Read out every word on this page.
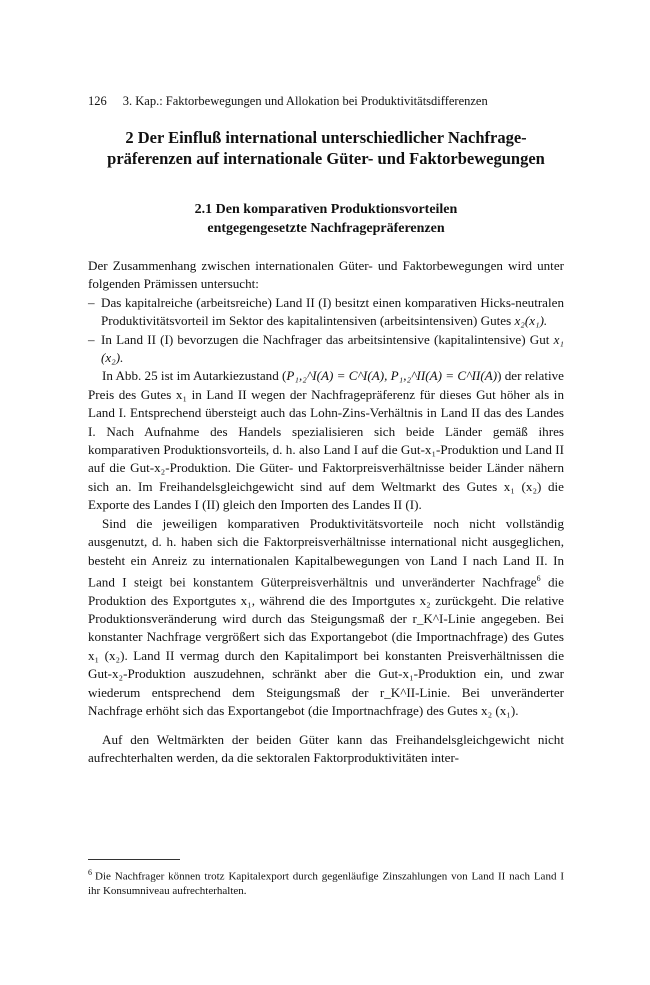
126 3. Kap.: Faktorbewegungen und Allokation bei Produktivitätsdifferenzen
2 Der Einfluß international unterschiedlicher Nachfrage-
präferenzen auf internationale Güter- und Faktorbewegungen
2.1 Den komparativen Produktionsvorteilen
entgegengesetzte Nachfragepräferenzen

Der Zusammenhang zwischen internationalen Güter- und Faktorbewegungen wird unter folgenden Prämissen untersucht:

– Das kapitalreiche (arbeitsreiche) Land II (I) besitzt einen komparativen Hicks-neutralen Produktivitätsvorteil im Sektor des kapitalintensiven (arbeitsintensiven) Gutes x₂(x₁).
– In Land II (I) bevorzugen die Nachfrager das arbeitsintensive (kapitalintensive) Gut x₁ (x₂).

In Abb. 25 ist im Autarkiezustand (P₁,₂^I(A) = C^I(A), P₁,₂^II(A) = C^II(A)) der relative Preis des Gutes x₁ in Land II wegen der Nachfragepräferenz für dieses Gut höher als in Land I. Entsprechend übersteigt auch das Lohn-Zins-Verhältnis in Land II das des Landes I. Nach Aufnahme des Handels spezialisieren sich beide Länder gemäß ihres komparativen Produktionsvorteils, d. h. also Land I auf die Gut-x₁-Produktion und Land II auf die Gut-x₂-Produktion. Die Güter- und Faktorpreisverhältnisse beider Länder nähern sich an. Im Freihandelsgleichgewicht sind auf dem Weltmarkt des Gutes x₁ (x₂) die Exporte des Landes I (II) gleich den Importen des Landes II (I).

Sind die jeweiligen komparativen Produktivitätsvorteile noch nicht vollständig ausgenutzt, d. h. haben sich die Faktorpreisverhältnisse international nicht ausgeglichen, besteht ein Anreiz zu internationalen Kapitalbewegungen von Land I nach Land II. In Land I steigt bei konstantem Güterpreisverhältnis und unveränderter Nachfrage$^6$ die Produktion des Exportgutes x₁, während die des Importgutes x₂ zurückgeht. Die relative Produktionsveränderung wird durch das Steigungsmaß der r_K^I-Linie angegeben. Bei konstanter Nachfrage vergrößert sich das Exportangebot (die Importnachfrage) des Gutes x₁ (x₂). Land II vermag durch den Kapitalimport bei konstanten Preisverhältnissen die Gut-x₂-Produktion auszudehnen, schränkt aber die Gut-x₁-Produktion ein, und zwar wiederum entsprechend dem Steigungsmaß der r_K^II-Linie. Bei unveränderter Nachfrage erhöht sich das Exportangebot (die Importnachfrage) des Gutes x₂ (x₁).

Auf den Weltmärkten der beiden Güter kann das Freihandelsgleichgewicht nicht aufrechterhalten werden, da die sektoralen Faktorproduktivitäten inter-

$^6$ Die Nachfrager können trotz Kapitalexport durch gegenläufige Zinszahlungen von Land II nach Land I ihr Konsumniveau aufrechterhalten.
